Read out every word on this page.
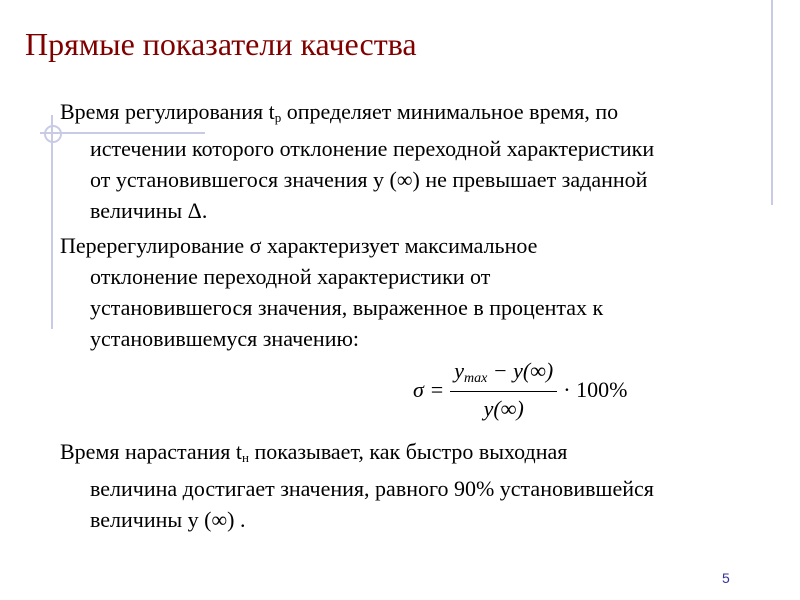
Прямые показатели качества
Время регулирования $t_р$ определяет минимальное время, по
истечении которого отклонение переходной характеристики
от установившегося значения y (∞) не превышает заданной
величины Δ.
Перерегулирование σ характеризует максимальное
отклонение переходной характеристики от
установившегося значения, выраженное в процентах к
установившемуся значению:
$\sigma = \frac{y_{max} - y(\infty)}{y(\infty)} \cdot 100\%$
Время нарастания $t_н$ показывает, как быстро выходная
величина достигает значения, равного 90% установившейся
величины y (∞) .
5
